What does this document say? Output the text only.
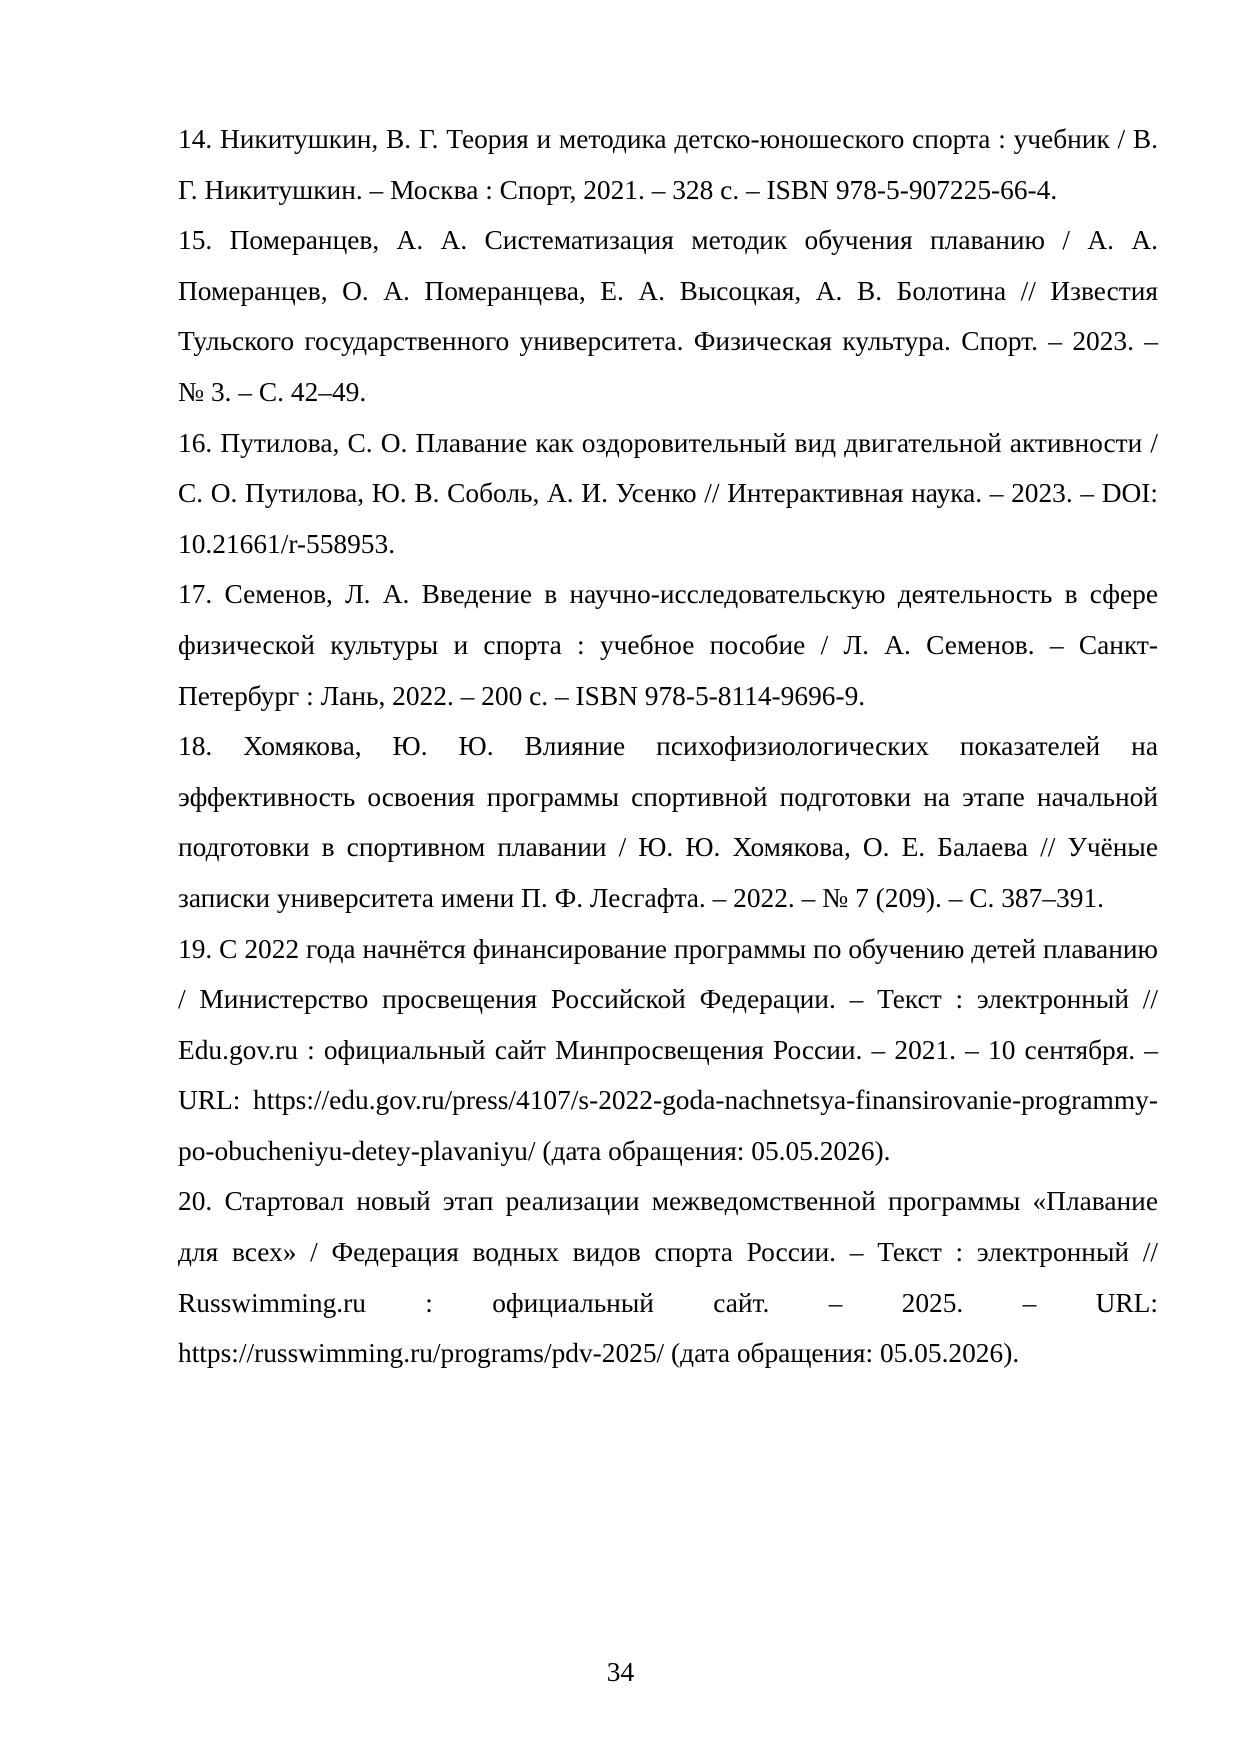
14. Никитушкин, В. Г. Теория и методика детско-юношеского спорта : учебник / В. Г. Никитушкин. – Москва : Спорт, 2021. – 328 с. – ISBN 978-5-907225-66-4.
15. Померанцев, А. А. Систематизация методик обучения плаванию / А. А. Померанцев, О. А. Померанцева, Е. А. Высоцкая, А. В. Болотина // Известия Тульского государственного университета. Физическая культура. Спорт. – 2023. – № 3. – С. 42–49.
16. Путилова, С. О. Плавание как оздоровительный вид двигательной активности / С. О. Путилова, Ю. В. Соболь, А. И. Усенко // Интерактивная наука. – 2023. – DOI: 10.21661/r-558953.
17. Семенов, Л. А. Введение в научно-исследовательскую деятельность в сфере физической культуры и спорта : учебное пособие / Л. А. Семенов. – Санкт-Петербург : Лань, 2022. – 200 с. – ISBN 978-5-8114-9696-9.
18. Хомякова, Ю. Ю. Влияние психофизиологических показателей на эффективность освоения программы спортивной подготовки на этапе начальной подготовки в спортивном плавании / Ю. Ю. Хомякова, О. Е. Балаева // Учёные записки университета имени П. Ф. Лесгафта. – 2022. – № 7 (209). – С. 387–391.
19. С 2022 года начнётся финансирование программы по обучению детей плаванию / Министерство просвещения Российской Федерации. – Текст : электронный // Edu.gov.ru : официальный сайт Минпросвещения России. – 2021. – 10 сентября. – URL: https://edu.gov.ru/press/4107/s-2022-goda-nachnetsya-finansirovanie-programmy-po-obucheniyu-detey-plavaniyu/ (дата обращения: 05.05.2026).
20. Стартовал новый этап реализации межведомственной программы «Плавание для всех» / Федерация водных видов спорта России. – Текст : электронный // Russwimming.ru : официальный сайт. – 2025. – URL: https://russwimming.ru/programs/pdv-2025/ (дата обращения: 05.05.2026).
34
